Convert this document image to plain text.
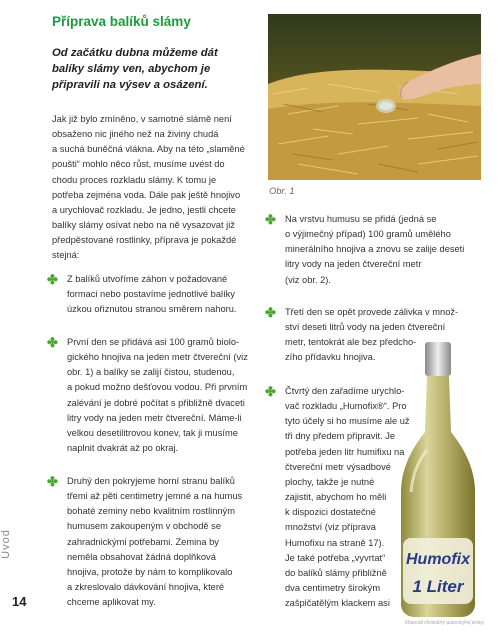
Příprava balíků slámy
Od začátku dubna můžeme dát
balíky slámy ven, abychom je
připravili na výsev a osázení.
Jak již bylo zmíněno, v samotné slámě není
obsaženo nic jiného než na živiny chudá
a suchá buněčná vlákna. Aby na této „slaměné
poušti“ mohlo něco růst, musíme uvést do
chodu proces rozkladu slámy. K tomu je
potřeba zejména voda. Dále pak ještě hnojivo
a urychlovač rozkladu. Je jedno, jestli chcete
balíky slámy osívat nebo na ně vysazovat již
předpěstované rostlinky, příprava je pokaždé
stejná:
✤ Z balíků utvoříme záhon v požadované
formaci nebo postavíme jednotlivé balíky
úzkou ořiznutou stranou směrem nahoru.
✤ První den se přidává asi 100 gramů biolo-
gického hnojiva na jeden metr čtvereční (viz
obr. 1) a balíky se zalijí čistou, studenou,
a pokud možno dešťovou vodou. Při prvním
zalévání je dobré počítat s přibližně dvaceti
litry vody na jeden metr čtvereční. Máme-li
velkou desetilitrovou konev, tak ji musíme
naplnit dvakrát až po okraj.
✤ Druhý den pokryjeme horní stranu balíků
třemi až pěti centimetry jemné a na humus
bohaté zeminy nebo kvalitním rostlinným
humusem zakoupeným v obchodě se
zahradnickými potřebami. Zemina by
neměla obsahovat žádná doplňková
hnojiva, protože by nám to komplikovalo
a zkreslovalo dávkování hnojiva, které
chceme aplikovat my.
Obr. 1
✤ Na vrstvu humusu se přidá (jedná se
o výjimečný případ) 100 gramů umělého
minerálního hnojiva a znovu se zalije deseti
litry vody na jeden čtvereční metr
(viz obr. 2).
✤ Třetí den se opět provede zálivka v množ-
ství deseti litrů vody na jeden čtvereční
metr, tentokrát ale bez předcho-
zího přídavku hnojiva.
✤ Čtvrtý den zařadíme urychlo-
vač rozkladu „Humofix®“. Pro
tyto účely si ho musíme ale už
tři dny předem připravit. Je
potřeba jeden litr humifixu na
čtvereční metr výsadbové
plochy, takže je nutné
zajistit, abychom ho měli
k dispozici dostatečné
množství (viz příprava
Humofixu na straně 17).
Je také potřeba „vyvrtat“
do balíků slámy přibližně
dva centimetry širokým
zašpičatělým klackem asi
Humofix
1 Liter
Úvod
14
Materiál chráněný autorskými právy
